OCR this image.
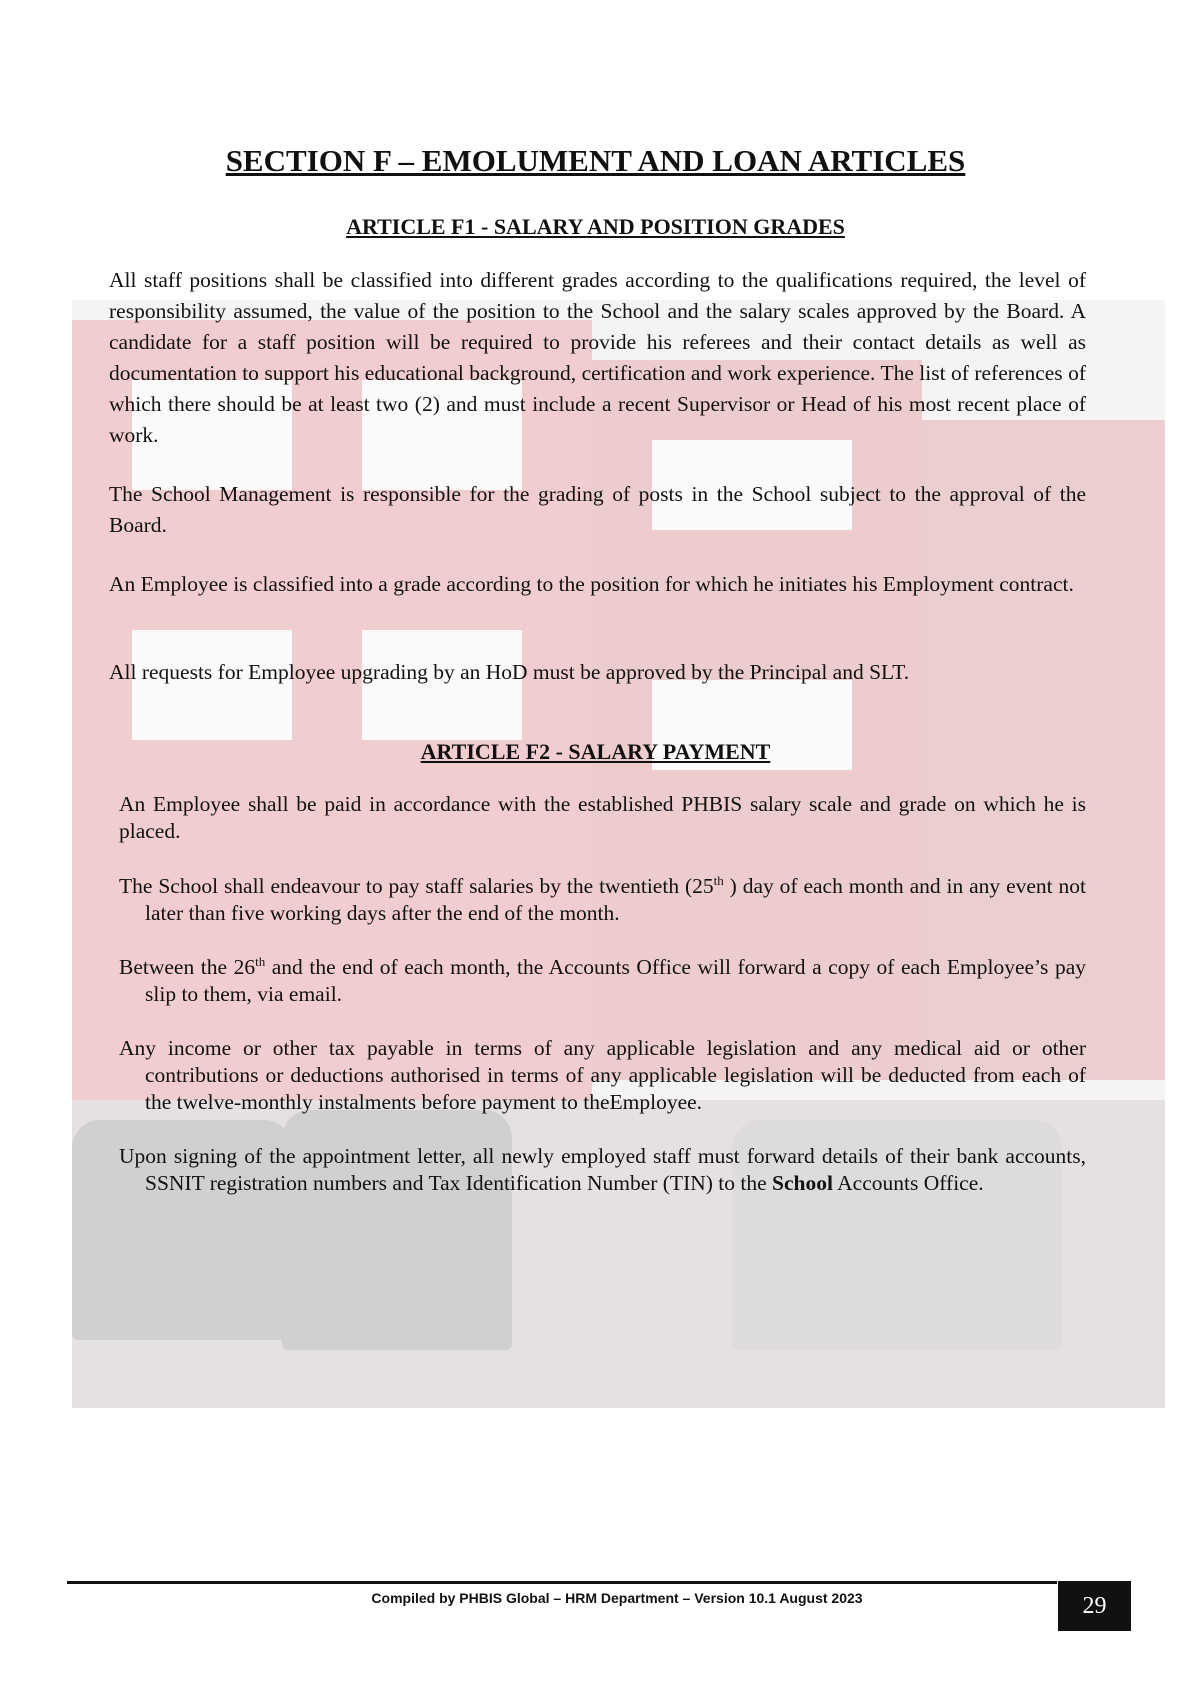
SECTION F – EMOLUMENT AND LOAN ARTICLES
ARTICLE F1 - SALARY AND POSITION GRADES

All staff positions shall be classified into different grades according to the qualifications required, the level of responsibility assumed, the value of the position to the School and the salary scales approved by the Board. A candidate for a staff position will be required to provide his referees and their contact details as well as documentation to support his educational background, certification and work experience. The list of references of which there should be at least two (2) and must include a recent Supervisor or Head of his most recent place of work.

The School Management is responsible for the grading of posts in the School subject to the approval of the Board.

An Employee is classified into a grade according to the position for which he initiates his Employment contract.

All requests for Employee upgrading by an HoD must be approved by the Principal and SLT.

ARTICLE F2 - SALARY PAYMENT

An Employee shall be paid in accordance with the established PHBIS salary scale and grade on which he is placed.

The School shall endeavour to pay staff salaries by the twentieth (25th ) day of each month and in any event not later than five working days after the end of the month.

Between the 26th and the end of each month, the Accounts Office will forward a copy of each Employee’s pay slip to them, via email.

Any income or other tax payable in terms of any applicable legislation and any medical aid or other contributions or deductions authorised in terms of any applicable legislation will be deducted from each of the twelve-monthly instalments before payment to theEmployee.

Upon signing of the appointment letter, all newly employed staff must forward details of their bank accounts, SSNIT registration numbers and Tax Identification Number (TIN) to the School Accounts Office.

Compiled by PHBIS Global – HRM Department – Version 10.1 August 2023	29
